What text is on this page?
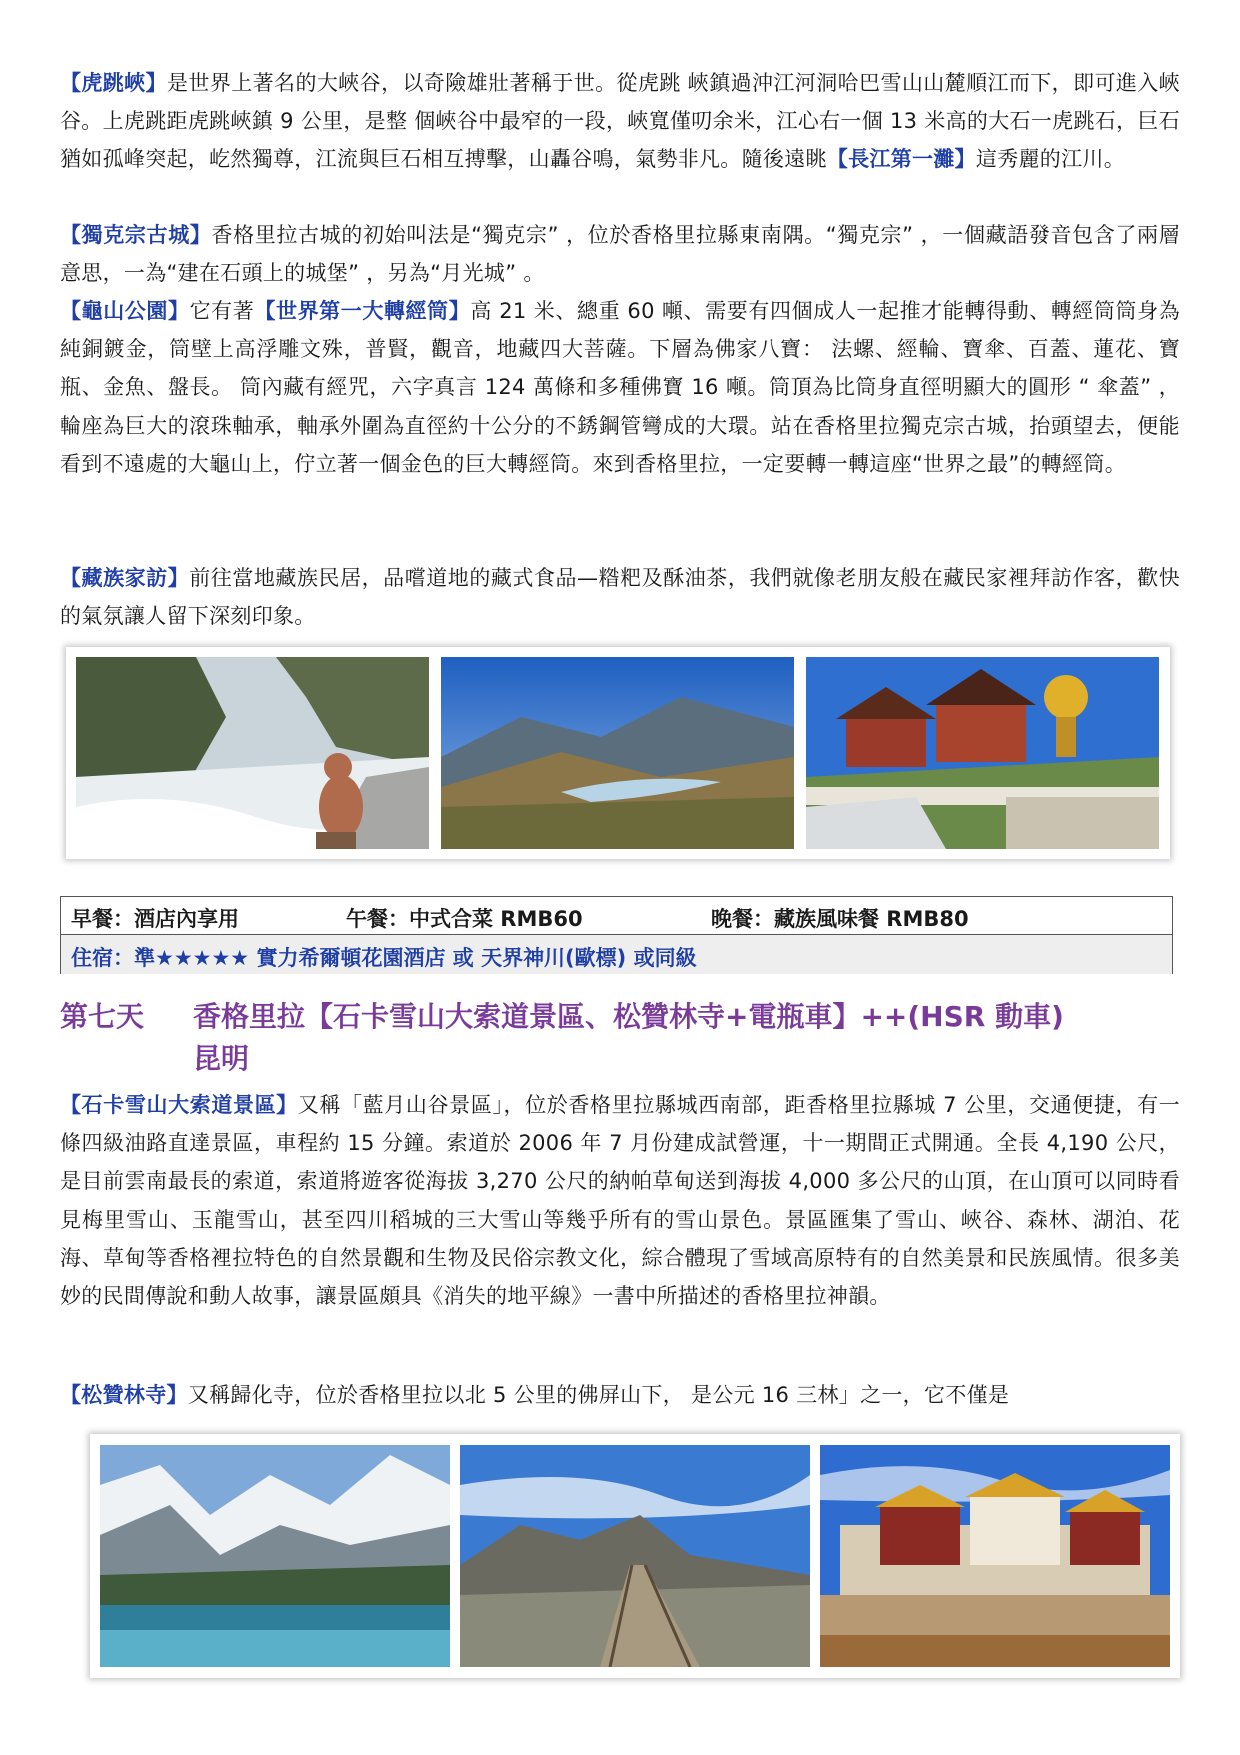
【虎跳峽】是世界上著名的大峽谷，以奇險雄壯著稱于世。從虎跳 峽鎮過沖江河洞哈巴雪山山麓順江而下，即可進入峽谷。上虎跳距虎跳峽鎮 9 公里，是整 個峽谷中最窄的一段，峽寬僅叨余米，江心右一個 13 米高的大石一虎跳石，巨石猶如孤峰突起，屹然獨尊，江流與巨石相互搏擊，山轟谷鳴，氣勢非凡。隨後遠眺【長江第一灘】這秀麗的江川。

【獨克宗古城】香格里拉古城的初始叫法是“獨克宗” ，位於香格里拉縣東南隅。“獨克宗” ，一個藏語發音包含了兩層意思，一為“建在石頭上的城堡” ，另為“月光城” 。

【龜山公園】它有著【世界第一大轉經筒】高 21 米、總重 60 噸、需要有四個成人一起推才能轉得動、轉經筒筒身為純銅鍍金，筒壁上高浮雕文殊，普賢，觀音，地藏四大菩薩。下層為佛家八寶： 法螺、經輪、寶傘、百蓋、蓮花、寶瓶、金魚、盤長。 筒內藏有經咒，六字真言 124 萬條和多種佛寶 16 噸。筒頂為比筒身直徑明顯大的圓形 “ 傘蓋” ， 輪座為巨大的滾珠軸承，軸承外圍為直徑約十公分的不銹鋼管彎成的大環。站在香格里拉獨克宗古城，抬頭望去，便能看到不遠處的大龜山上，佇立著一個金色的巨大轉經筒。來到香格里拉，一定要轉一轉這座“世界之最”的轉經筒。

【藏族家訪】前往當地藏族民居，品嚐道地的藏式食品—糌粑及酥油茶，我們就像老朋友般在藏民家裡拜訪作客，歡快的氣氛讓人留下深刻印象。

早餐：酒店內享用	午餐：中式合菜 RMB60	晚餐：藏族風味餐 RMB80
住宿：準★★★★★ 實力希爾頓花園酒店 或 天界神川(歐標) 或同級
第七天 香格里拉【石卡雪山大索道景區、松贊林寺+電瓶車】++(HSR 動車)
昆明

【石卡雪山大索道景區】又稱「藍月山谷景區」，位於香格里拉縣城西南部，距香格里拉縣城 7 公里，交通便捷，有一條四級油路直達景區，車程約 15 分鐘。索道於 2006 年 7 月份建成試營運，十一期間正式開通。全長 4,190 公尺，是目前雲南最長的索道，索道將遊客從海拔 3,270 公尺的納帕草甸送到海拔 4,000 多公尺的山頂，在山頂可以同時看見梅里雪山、玉龍雪山，甚至四川稻城的三大雪山等幾乎所有的雪山景色。景區匯集了雪山、峽谷、森林、湖泊、花海、草甸等香格裡拉特色的自然景觀和生物及民俗宗教文化，綜合體現了雪域高原特有的自然美景和民族風情。很多美妙的民間傳說和動人故事，讓景區頗具《消失的地平線》一書中所描述的香格里拉神韻。

【松贊林寺】又稱歸化寺，位於香格里拉以北 5 公里的佛屏山下， 是公元 16 三林」之一，它不僅是
